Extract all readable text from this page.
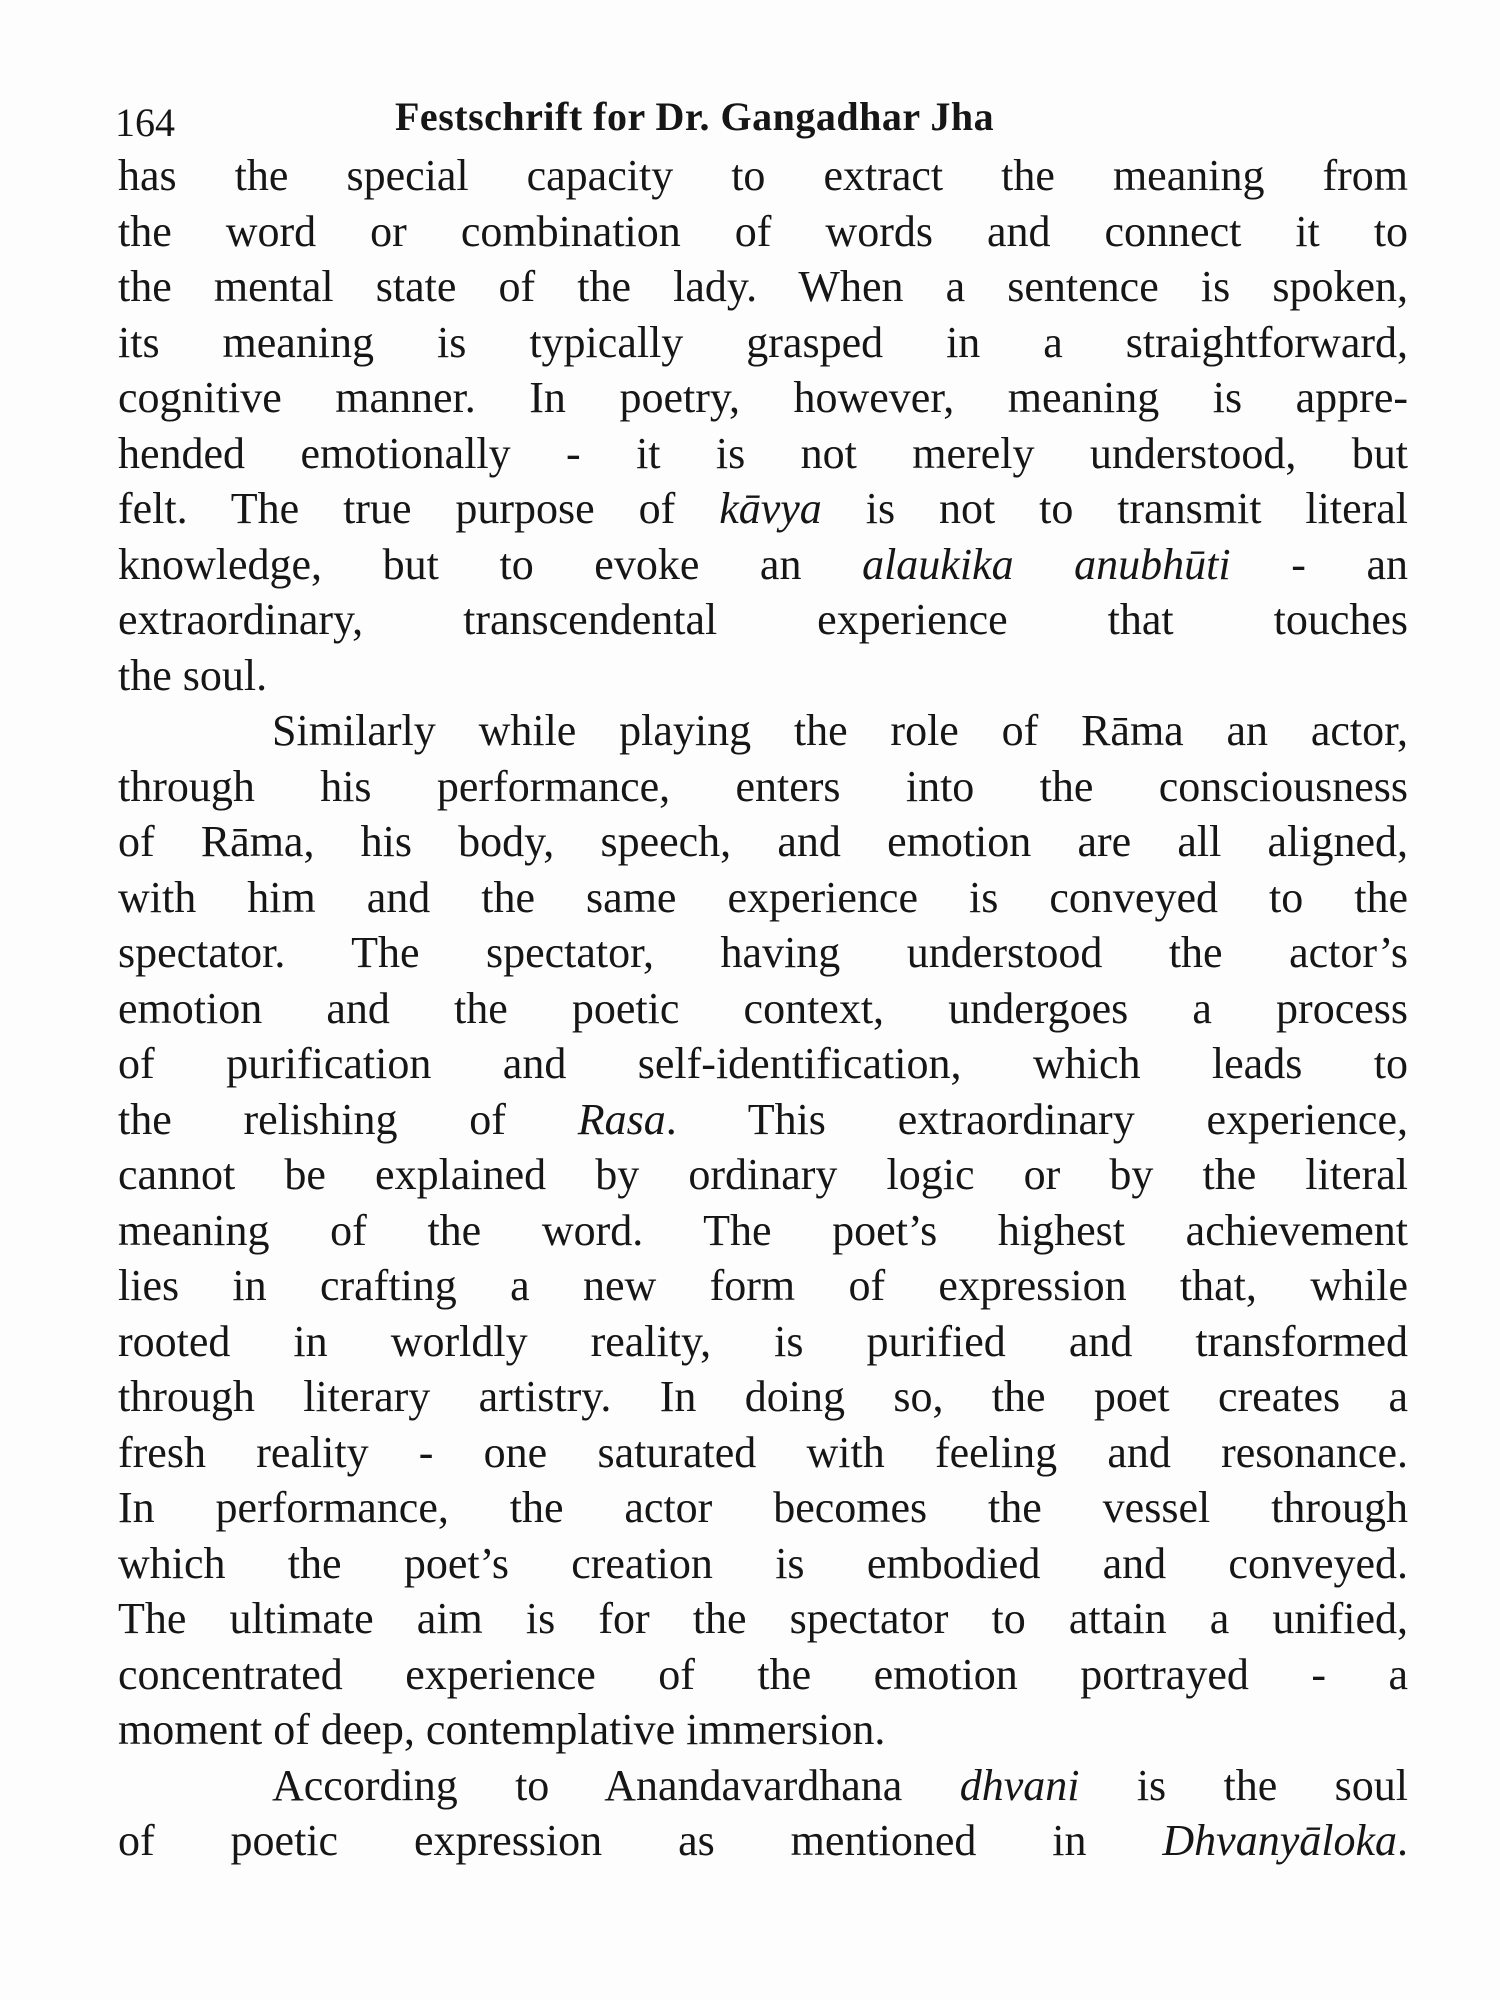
164	Festschrift for Dr. Gangadhar Jha
has the special capacity to extract the meaning from
the word or combination of words and connect it to
the mental state of the lady. When a sentence is spoken,
its meaning is typically grasped in a straightforward,
cognitive manner. In poetry, however, meaning is appre-
hended emotionally - it is not merely understood, but
felt. The true purpose of kāvya is not to transmit literal
knowledge, but to evoke an alaukika anubhūti - an
extraordinary, transcendental experience that touches
the soul.
Similarly while playing the role of Rāma an actor,
through his performance, enters into the consciousness
of Rāma, his body, speech, and emotion are all aligned,
with him and the same experience is conveyed to the
spectator. The spectator, having understood the actor’s
emotion and the poetic context, undergoes a process
of purification and self-identification, which leads to
the relishing of Rasa. This extraordinary experience,
cannot be explained by ordinary logic or by the literal
meaning of the word. The poet’s highest achievement
lies in crafting a new form of expression that, while
rooted in worldly reality, is purified and transformed
through literary artistry. In doing so, the poet creates a
fresh reality - one saturated with feeling and resonance.
In performance, the actor becomes the vessel through
which the poet’s creation is embodied and conveyed.
The ultimate aim is for the spectator to attain a unified,
concentrated experience of the emotion portrayed - a
moment of deep, contemplative immersion.
According to Anandavardhana dhvani is the soul
of poetic expression as mentioned in Dhvanyāloka.
